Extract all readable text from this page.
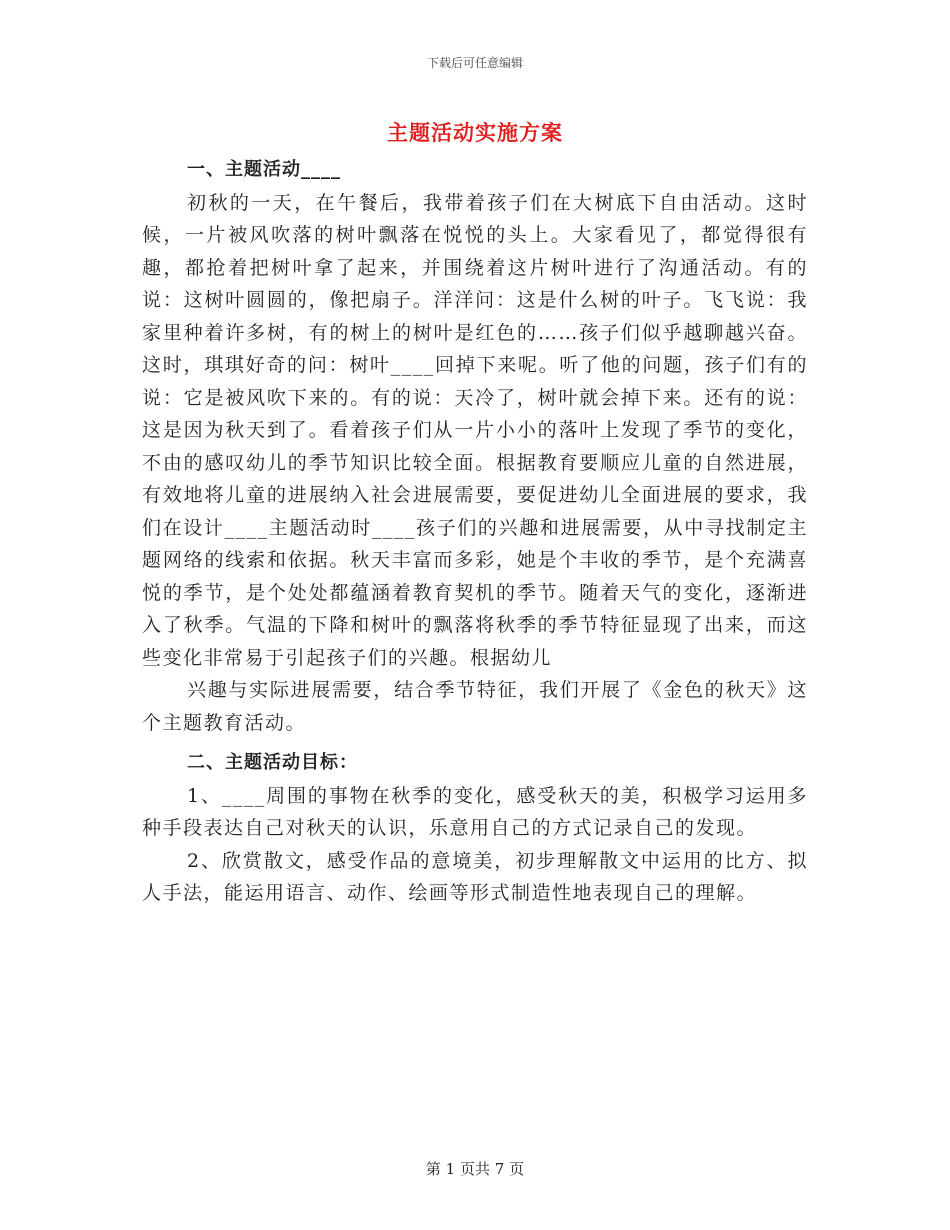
下载后可任意编辑
主题活动实施方案

一、主题活动____

初秋的一天，在午餐后，我带着孩子们在大树底下自由活动。这时候，一片被风吹落的树叶飘落在悦悦的头上。大家看见了，都觉得很有趣，都抢着把树叶拿了起来，并围绕着这片树叶进行了沟通活动。有的说：这树叶圆圆的，像把扇子。洋洋问：这是什么树的叶子。飞飞说：我家里种着许多树，有的树上的树叶是红色的……孩子们似乎越聊越兴奋。这时，琪琪好奇的问：树叶____回掉下来呢。听了他的问题，孩子们有的说：它是被风吹下来的。有的说：天冷了，树叶就会掉下来。还有的说：这是因为秋天到了。看着孩子们从一片小小的落叶上发现了季节的变化，不由的感叹幼儿的季节知识比较全面。根据教育要顺应儿童的自然进展，有效地将儿童的进展纳入社会进展需要，要促进幼儿全面进展的要求，我们在设计____主题活动时____孩子们的兴趣和进展需要，从中寻找制定主题网络的线索和依据。秋天丰富而多彩，她是个丰收的季节，是个充满喜悦的季节，是个处处都蕴涵着教育契机的季节。随着天气的变化，逐渐进入了秋季。气温的下降和树叶的飘落将秋季的季节特征显现了出来，而这些变化非常易于引起孩子们的兴趣。根据幼儿

兴趣与实际进展需要，结合季节特征，我们开展了《金色的秋天》这个主题教育活动。

二、主题活动目标：

1、____周围的事物在秋季的变化，感受秋天的美，积极学习运用多种手段表达自己对秋天的认识，乐意用自己的方式记录自己的发现。

2、欣赏散文，感受作品的意境美，初步理解散文中运用的比方、拟人手法，能运用语言、动作、绘画等形式制造性地表现自己的理解。

第 1 页共 7 页
